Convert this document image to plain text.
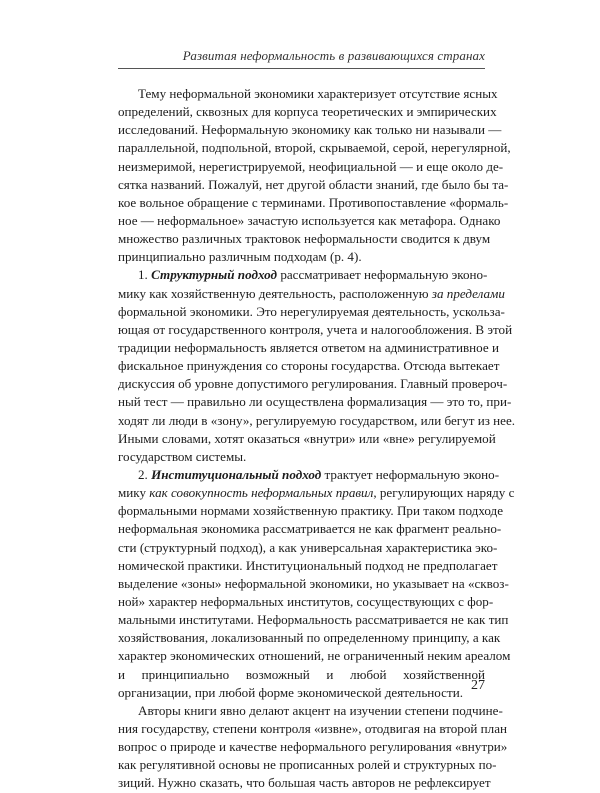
Развитая неформальность в развивающихся странах

Тему неформальной экономики характеризует отсутствие ясных
определений, сквозных для корпуса теоретических и эмпирических
исследований. Неформальную экономику как только ни называли —
параллельной, подпольной, второй, скрываемой, серой, нерегулярной,
неизмеримой, нерегистрируемой, неофициальной — и еще около де-
сятка названий. Пожалуй, нет другой области знаний, где было бы та-
кое вольное обращение с терминами. Противопоставление «формаль-
ное — неформальное» зачастую используется как метафора. Однако
множество различных трактовок неформальности сводится к двум
принципиально различным подходам (p. 4).

1. Структурный подход рассматривает неформальную эконо-
мику как хозяйственную деятельность, расположенную за пределами
формальной экономики. Это нерегулируемая деятельность, ускольза-
ющая от государственного контроля, учета и налогообложения. В этой
традиции неформальность является ответом на административное и
фискальное принуждения со стороны государства. Отсюда вытекает
дискуссия об уровне допустимого регулирования. Главный провероч-
ный тест — правильно ли осуществлена формализация — это то, при-
ходят ли люди в «зону», регулируемую государством, или бегут из нее.
Иными словами, хотят оказаться «внутри» или «вне» регулируемой
государством системы.

2. Институциональный подход трактует неформальную эконо-
мику как совокупность неформальных правил, регулирующих наряду с
формальными нормами хозяйственную практику. При таком подходе
неформальная экономика рассматривается не как фрагмент реально-
сти (структурный подход), а как универсальная характеристика эко-
номической практики. Институциональный подход не предполагает
выделение «зоны» неформальной экономики, но указывает на «сквоз-
ной» характер неформальных институтов, сосуществующих с фор-
мальными институтами. Неформальность рассматривается не как тип
хозяйствования, локализованный по определенному принципу, а как
характер экономических отношений, не ограниченный неким ареалом
и принципиально возможный и любой хозяйственной
организации, при любой форме экономической деятельности.

Авторы книги явно делают акцент на изучении степени подчине-
ния государству, степени контроля «извне», отодвигая на второй план
вопрос о природе и качестве неформального регулирования «внутри»
как регулятивной основы не прописанных ролей и структурных по-
зиций. Нужно сказать, что большая часть авторов не рефлексирует

27
